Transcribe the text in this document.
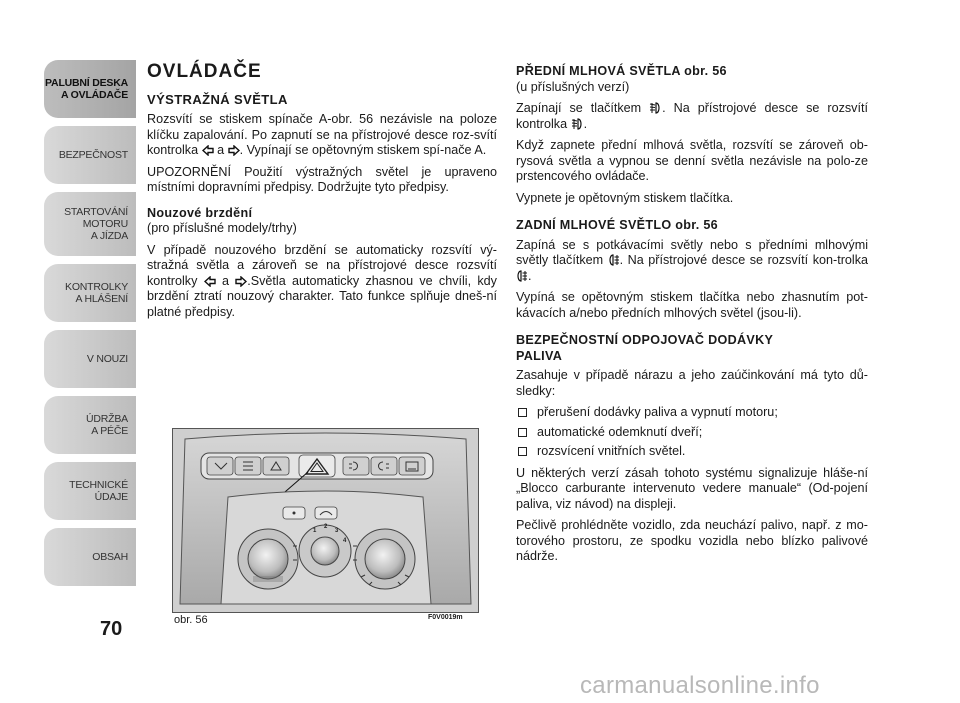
PALUBNÍ DESKA
A OVLÁDAČE
BEZPEČNOST
STARTOVÁNÍ
MOTORU
A JÍZDA
KONTROLKY
A HLÁŠENÍ
V NOUZI
ÚDRŽBA
A PÉČE
TECHNICKÉ
ÚDAJE
OBSAH
70
OVLÁDAČE
VÝSTRAŽNÁ SVĚTLA

Rozsvítí se stiskem spínače A-obr. 56 nezávisle na poloze klíčku zapalování. Po zapnutí se na přístrojové desce roz-svítí kontrolka  a . Vypínají se opětovným stiskem spí-nače A.

UPOZORNĚNÍ Použití výstražných světel je upraveno místními dopravními předpisy. Dodržujte tyto předpisy.

Nouzové brzdění
(pro příslušné modely/trhy)

V případě nouzového brzdění se automaticky rozsvítí vý-stražná světla a zároveň se na přístrojové desce rozsvítí kontrolky  a .Světla automaticky zhasnou ve chvíli, kdy brzdění ztratí nouzový charakter. Tato funkce splňuje dneš-ní platné předpisy.

PŘEDNÍ MLHOVÁ SVĚTLA obr. 56
(u příslušných verzí)

Zapínají se tlačítkem . Na přístrojové desce se rozsvítí kontrolka .

Když zapnete přední mlhová světla, rozsvítí se zároveň ob-rysová světla a vypnou se denní světla nezávisle na polo-ze prstencového ovládače.

Vypnete je opětovným stiskem tlačítka.

ZADNÍ MLHOVÉ SVĚTLO obr. 56

Zapíná se s potkávacími světly nebo s předními mlhovými světly tlačítkem . Na přístrojové desce se rozsvítí kon-trolka .

Vypíná se opětovným stiskem tlačítka nebo zhasnutím pot-kávacích a/nebo předních mlhových světel (jsou-li).

BEZPEČNOSTNÍ ODPOJOVAČ DODÁVKY PALIVA

Zasahuje v případě nárazu a jeho zaúčinkování má tyto dů-sledky:

přerušení dodávky paliva a vypnutí motoru;
automatické odemknutí dveří;
rozsvícení vnitřních světel.

U některých verzí zásah tohoto systému signalizuje hláše-ní „Blocco carburante intervenuto vedere manuale“ (Od-pojení paliva, viz návod) na displeji.

Pečlivě prohlédněte vozidlo, zda neuchází palivo, např. z mo-torového prostoru, ze spodku vozidla nebo blízko palivové nádrže.

1
2
3
4
obr. 56	F0V0019m
carmanualsonline.info
